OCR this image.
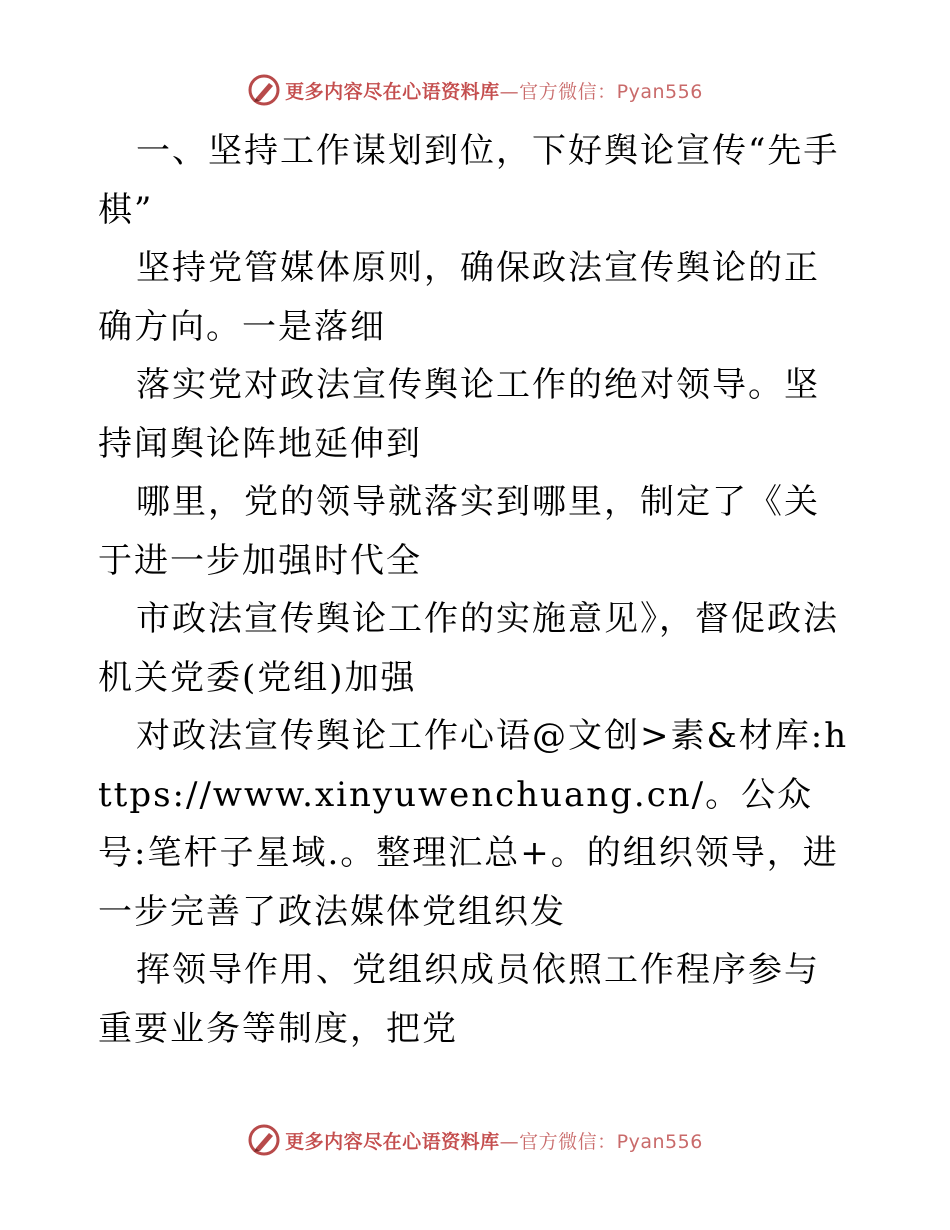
更多内容尽在心语资料库—官方微信：Pyan556

一、坚持工作谋划到位，下好舆论宣传“先手棋”

坚持党管媒体原则，确保政法宣传舆论的正确方向。一是落细

落实党对政法宣传舆论工作的绝对领导。坚持闻舆论阵地延伸到

哪里，党的领导就落实到哪里，制定了《关于进一步加强时代全

市政法宣传舆论工作的实施意见》，督促政法机关党委(党组)加强

对政法宣传舆论工作心语@文创>素&材库:https://www.xinyuwenchuang.cn/。公众号:笔杆子星域.。整理汇总+。的组织领导，进一步完善了政法媒体党组织发

挥领导作用、党组织成员依照工作程序参与重要业务等制度，把党

更多内容尽在心语资料库—官方微信：Pyan556
